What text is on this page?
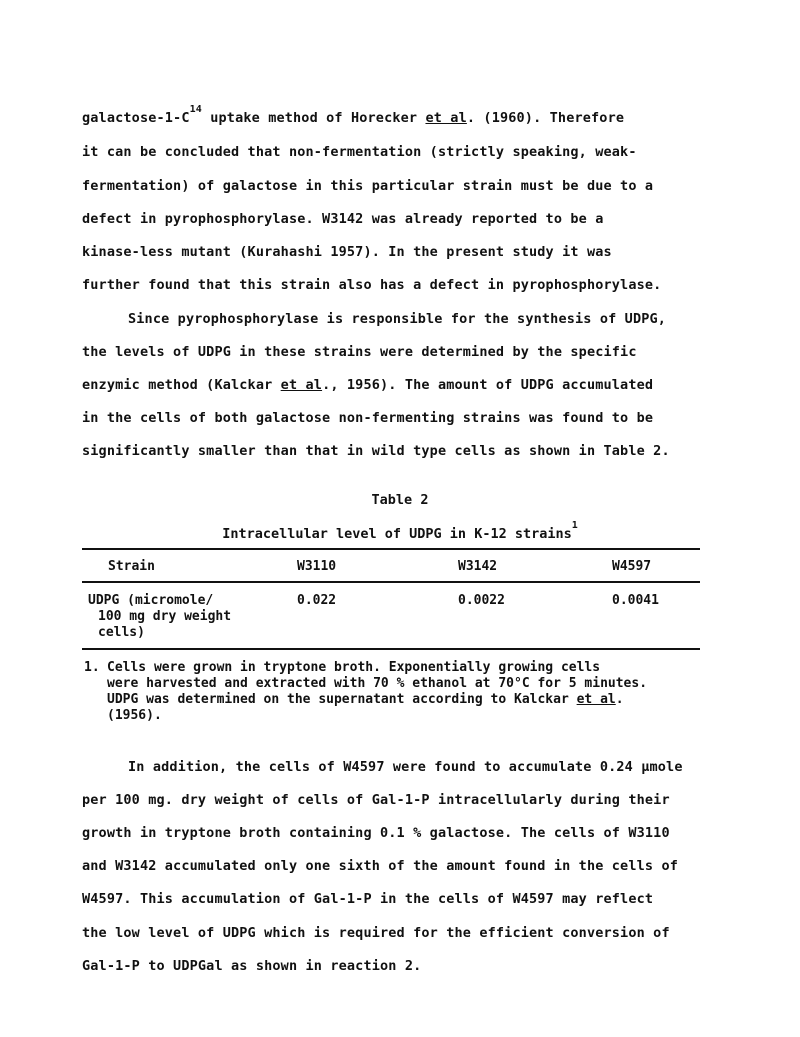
galactose-$1-C^{14}$ uptake method of Horecker et al. (1960). Therefore
it can be concluded that non-fermentation (strictly speaking, weak-
fermentation) of galactose in this particular strain must be due to a
defect in pyrophosphorylase. W3142 was already reported to be a
kinase-less mutant (Kurahashi 1957). In the present study it was
further found that this strain also has a defect in pyrophosphorylase.
Since pyrophosphorylase is responsible for the synthesis of UDPG,
the levels of UDPG in these strains were determined by the specific
enzymic method (Kalckar et al., 1956). The amount of UDPG accumulated
in the cells of both galactose non-fermenting strains was found to be
significantly smaller than that in wild type cells as shown in Table 2.
Table 2
Intracellular level of UDPG in K-12 strains$^1$
Strain	W3110	W3142	W4597
UDPG (micromole/
100 mg dry weight
cells)
0.022	0.0022	0.0041
1. Cells were grown in tryptone broth. Exponentially growing cells
were harvested and extracted with 70 % ethanol at 70°C for 5 minutes.
UDPG was determined on the supernatant according to Kalckar et al.
(1956).
In addition, the cells of W4597 were found to accumulate 0.24 µmole
per 100 mg. dry weight of cells of Gal-1-P intracellularly during their
growth in tryptone broth containing 0.1 % galactose. The cells of W3110
and W3142 accumulated only one sixth of the amount found in the cells of
W4597. This accumulation of Gal-1-P in the cells of W4597 may reflect
the low level of UDPG which is required for the efficient conversion of
Gal-1-P to UDPGal as shown in reaction 2.
